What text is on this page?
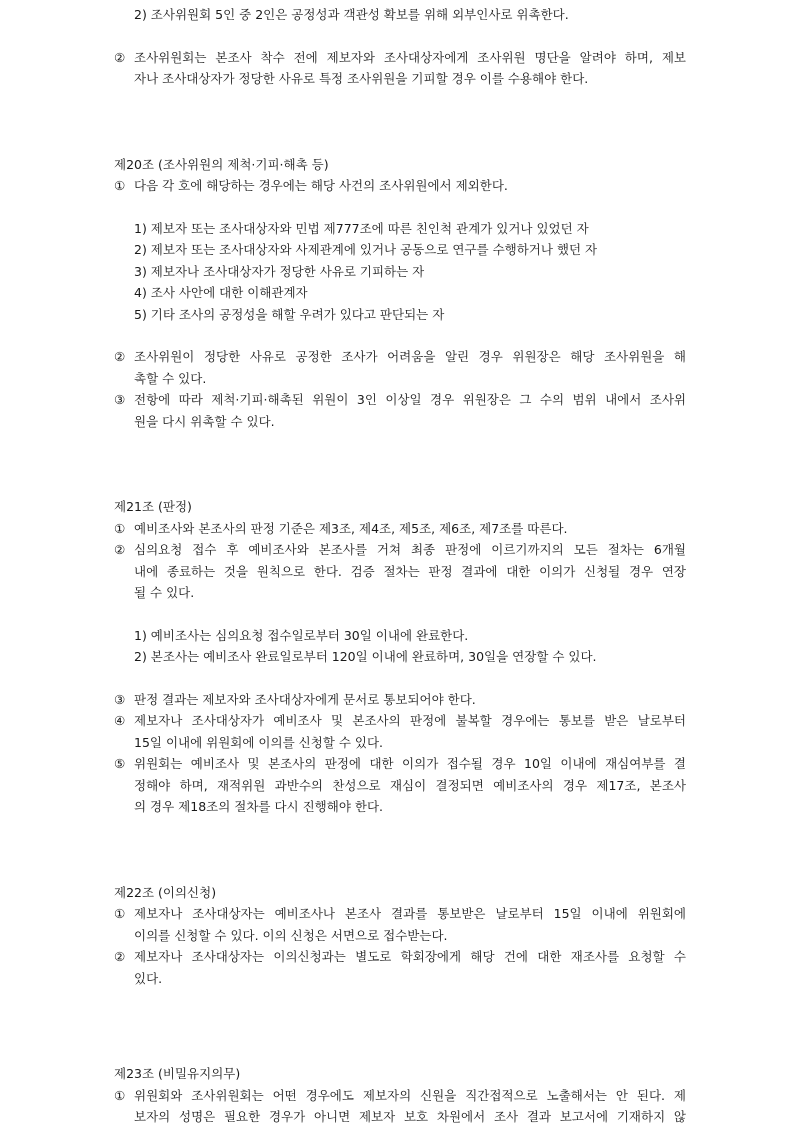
2) 조사위원회 5인 중 2인은 공정성과 객관성 확보를 위해 외부인사로 위촉한다.
② 조사위원회는 본조사 착수 전에 제보자와 조사대상자에게 조사위원 명단을 알려야 하며, 제보
자나 조사대상자가 정당한 사유로 특정 조사위원을 기피할 경우 이를 수용해야 한다.
제20조 (조사위원의 제척·기피·해촉 등)
① 다음 각 호에 해당하는 경우에는 해당 사건의 조사위원에서 제외한다.
1) 제보자 또는 조사대상자와 민법 제777조에 따른 친인척 관계가 있거나 있었던 자
2) 제보자 또는 조사대상자와 사제관계에 있거나 공동으로 연구를 수행하거나 했던 자
3) 제보자나 조사대상자가 정당한 사유로 기피하는 자
4) 조사 사안에 대한 이해관계자
5) 기타 조사의 공정성을 해할 우려가 있다고 판단되는 자
② 조사위원이 정당한 사유로 공정한 조사가 어려움을 알린 경우 위원장은 해당 조사위원을 해
촉할 수 있다.
③ 전항에 따라 제척·기피·해촉된 위원이 3인 이상일 경우 위원장은 그 수의 범위 내에서 조사위
원을 다시 위촉할 수 있다.
제21조 (판정)
① 예비조사와 본조사의 판정 기준은 제3조, 제4조, 제5조, 제6조, 제7조를 따른다.
② 심의요청 접수 후 예비조사와 본조사를 거쳐 최종 판정에 이르기까지의 모든 절차는 6개월
내에 종료하는 것을 원칙으로 한다. 검증 절차는 판정 결과에 대한 이의가 신청될 경우 연장
될 수 있다.
1) 예비조사는 심의요청 접수일로부터 30일 이내에 완료한다.
2) 본조사는 예비조사 완료일로부터 120일 이내에 완료하며, 30일을 연장할 수 있다.
③ 판정 결과는 제보자와 조사대상자에게 문서로 통보되어야 한다.
④ 제보자나 조사대상자가 예비조사 및 본조사의 판정에 불복할 경우에는 통보를 받은 날로부터
15일 이내에 위원회에 이의를 신청할 수 있다.
⑤ 위원회는 예비조사 및 본조사의 판정에 대한 이의가 접수될 경우 10일 이내에 재심여부를 결
정해야 하며, 재적위원 과반수의 찬성으로 재심이 결정되면 예비조사의 경우 제17조, 본조사
의 경우 제18조의 절차를 다시 진행해야 한다.
제22조 (이의신청)
① 제보자나 조사대상자는 예비조사나 본조사 결과를 통보받은 날로부터 15일 이내에 위원회에
이의를 신청할 수 있다. 이의 신청은 서면으로 접수받는다.
② 제보자나 조사대상자는 이의신청과는 별도로 학회장에게 해당 건에 대한 재조사를 요청할 수
있다.
제23조 (비밀유지의무)
① 위원회와 조사위원회는 어떤 경우에도 제보자의 신원을 직간접적으로 노출해서는 안 된다. 제
보자의 성명은 필요한 경우가 아니면 제보자 보호 차원에서 조사 결과 보고서에 기재하지 않
